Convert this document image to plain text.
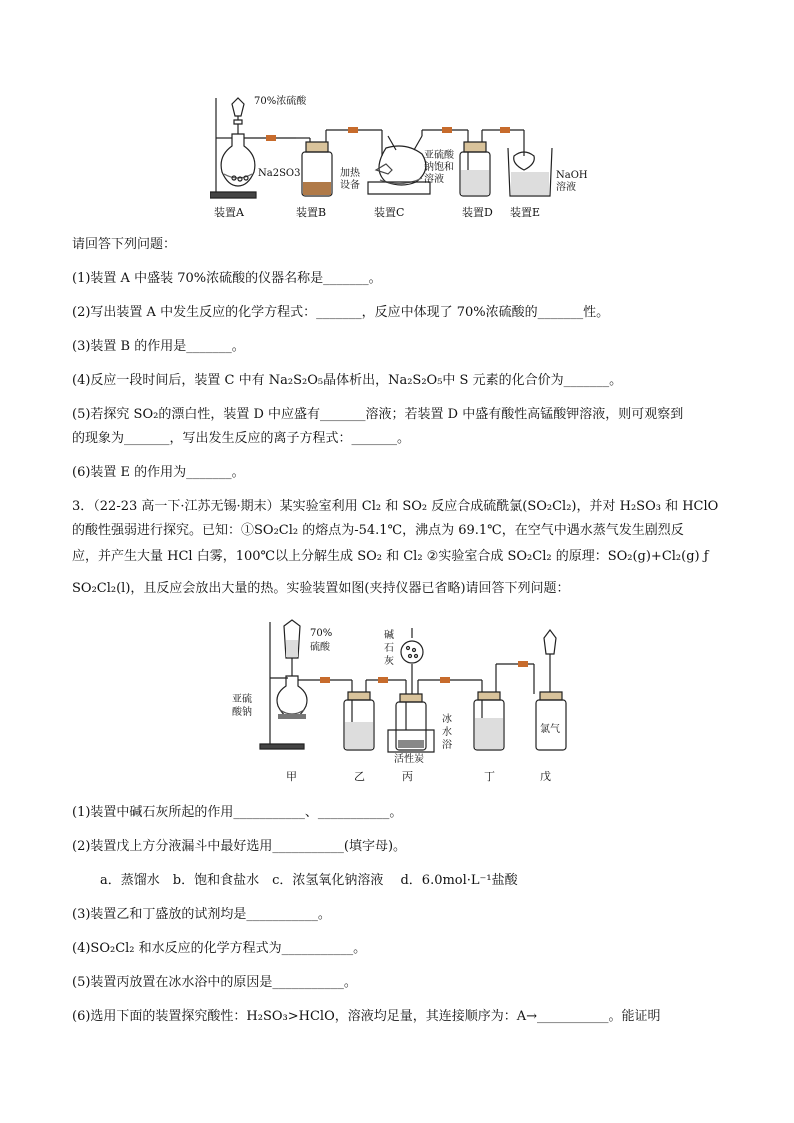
70%浓硫酸
Na2SO3	加热
设备
亚硫酸
钠饱和
溶液	NaOH
溶液
装置A	装置B	装置C	装置D 装置E
请回答下列问题：
(1)装置 A 中盛装 70%浓硫酸的仪器名称是_______。
(2)写出装置 A 中发生反应的化学方程式：_______，反应中体现了 70%浓硫酸的_______性。
(3)装置 B 的作用是_______。
(4)反应一段时间后，装置 C 中有 Na₂S₂O₅晶体析出，Na₂S₂O₅中 S 元素的化合价为_______。
(5)若探究 SO₂的漂白性，装置 D 中应盛有_______溶液；若装置 D 中盛有酸性高锰酸钾溶液，则可观察到
的现象为_______，写出发生反应的离子方程式：_______。
(6)装置 E 的作用为_______。
3．（22-23 高一下·江苏无锡·期末）某实验室利用 Cl₂ 和 SO₂ 反应合成硫酰氯(SO₂Cl₂)，并对 H₂SO₃ 和 HClO
的酸性强弱进行探究。已知：①SO₂Cl₂ 的熔点为-54.1℃，沸点为 69.1℃，在空气中遇水蒸气发生剧烈反
应，并产生大量 HCl 白雾，100℃以上分解生成 SO₂ 和 Cl₂ ②实验室合成 SO₂Cl₂ 的原理：SO₂(g)+Cl₂(g) ƒ
SO₂Cl₂(l)，且反应会放出大量的热。实验装置如图(夹持仪器已省略)请回答下列问题：
70%
硫酸
碱
石
灰
亚硫
酸钠
冰
水
浴
活性炭
氯气
甲	乙	丙	丁	戊
(1)装置中碱石灰所起的作用___________、___________。
(2)装置戊上方分液漏斗中最好选用___________(填字母)。
a．蒸馏水　b．饱和食盐水　c．浓氢氧化钠溶液　 d．6.0mol·L⁻¹盐酸
(3)装置乙和丁盛放的试剂均是___________。
(4)SO₂Cl₂ 和水反应的化学方程式为___________。
(5)装置丙放置在冰水浴中的原因是___________。
(6)选用下面的装置探究酸性：H₂SO₃>HClO，溶液均足量，其连接顺序为：A→___________。能证明
